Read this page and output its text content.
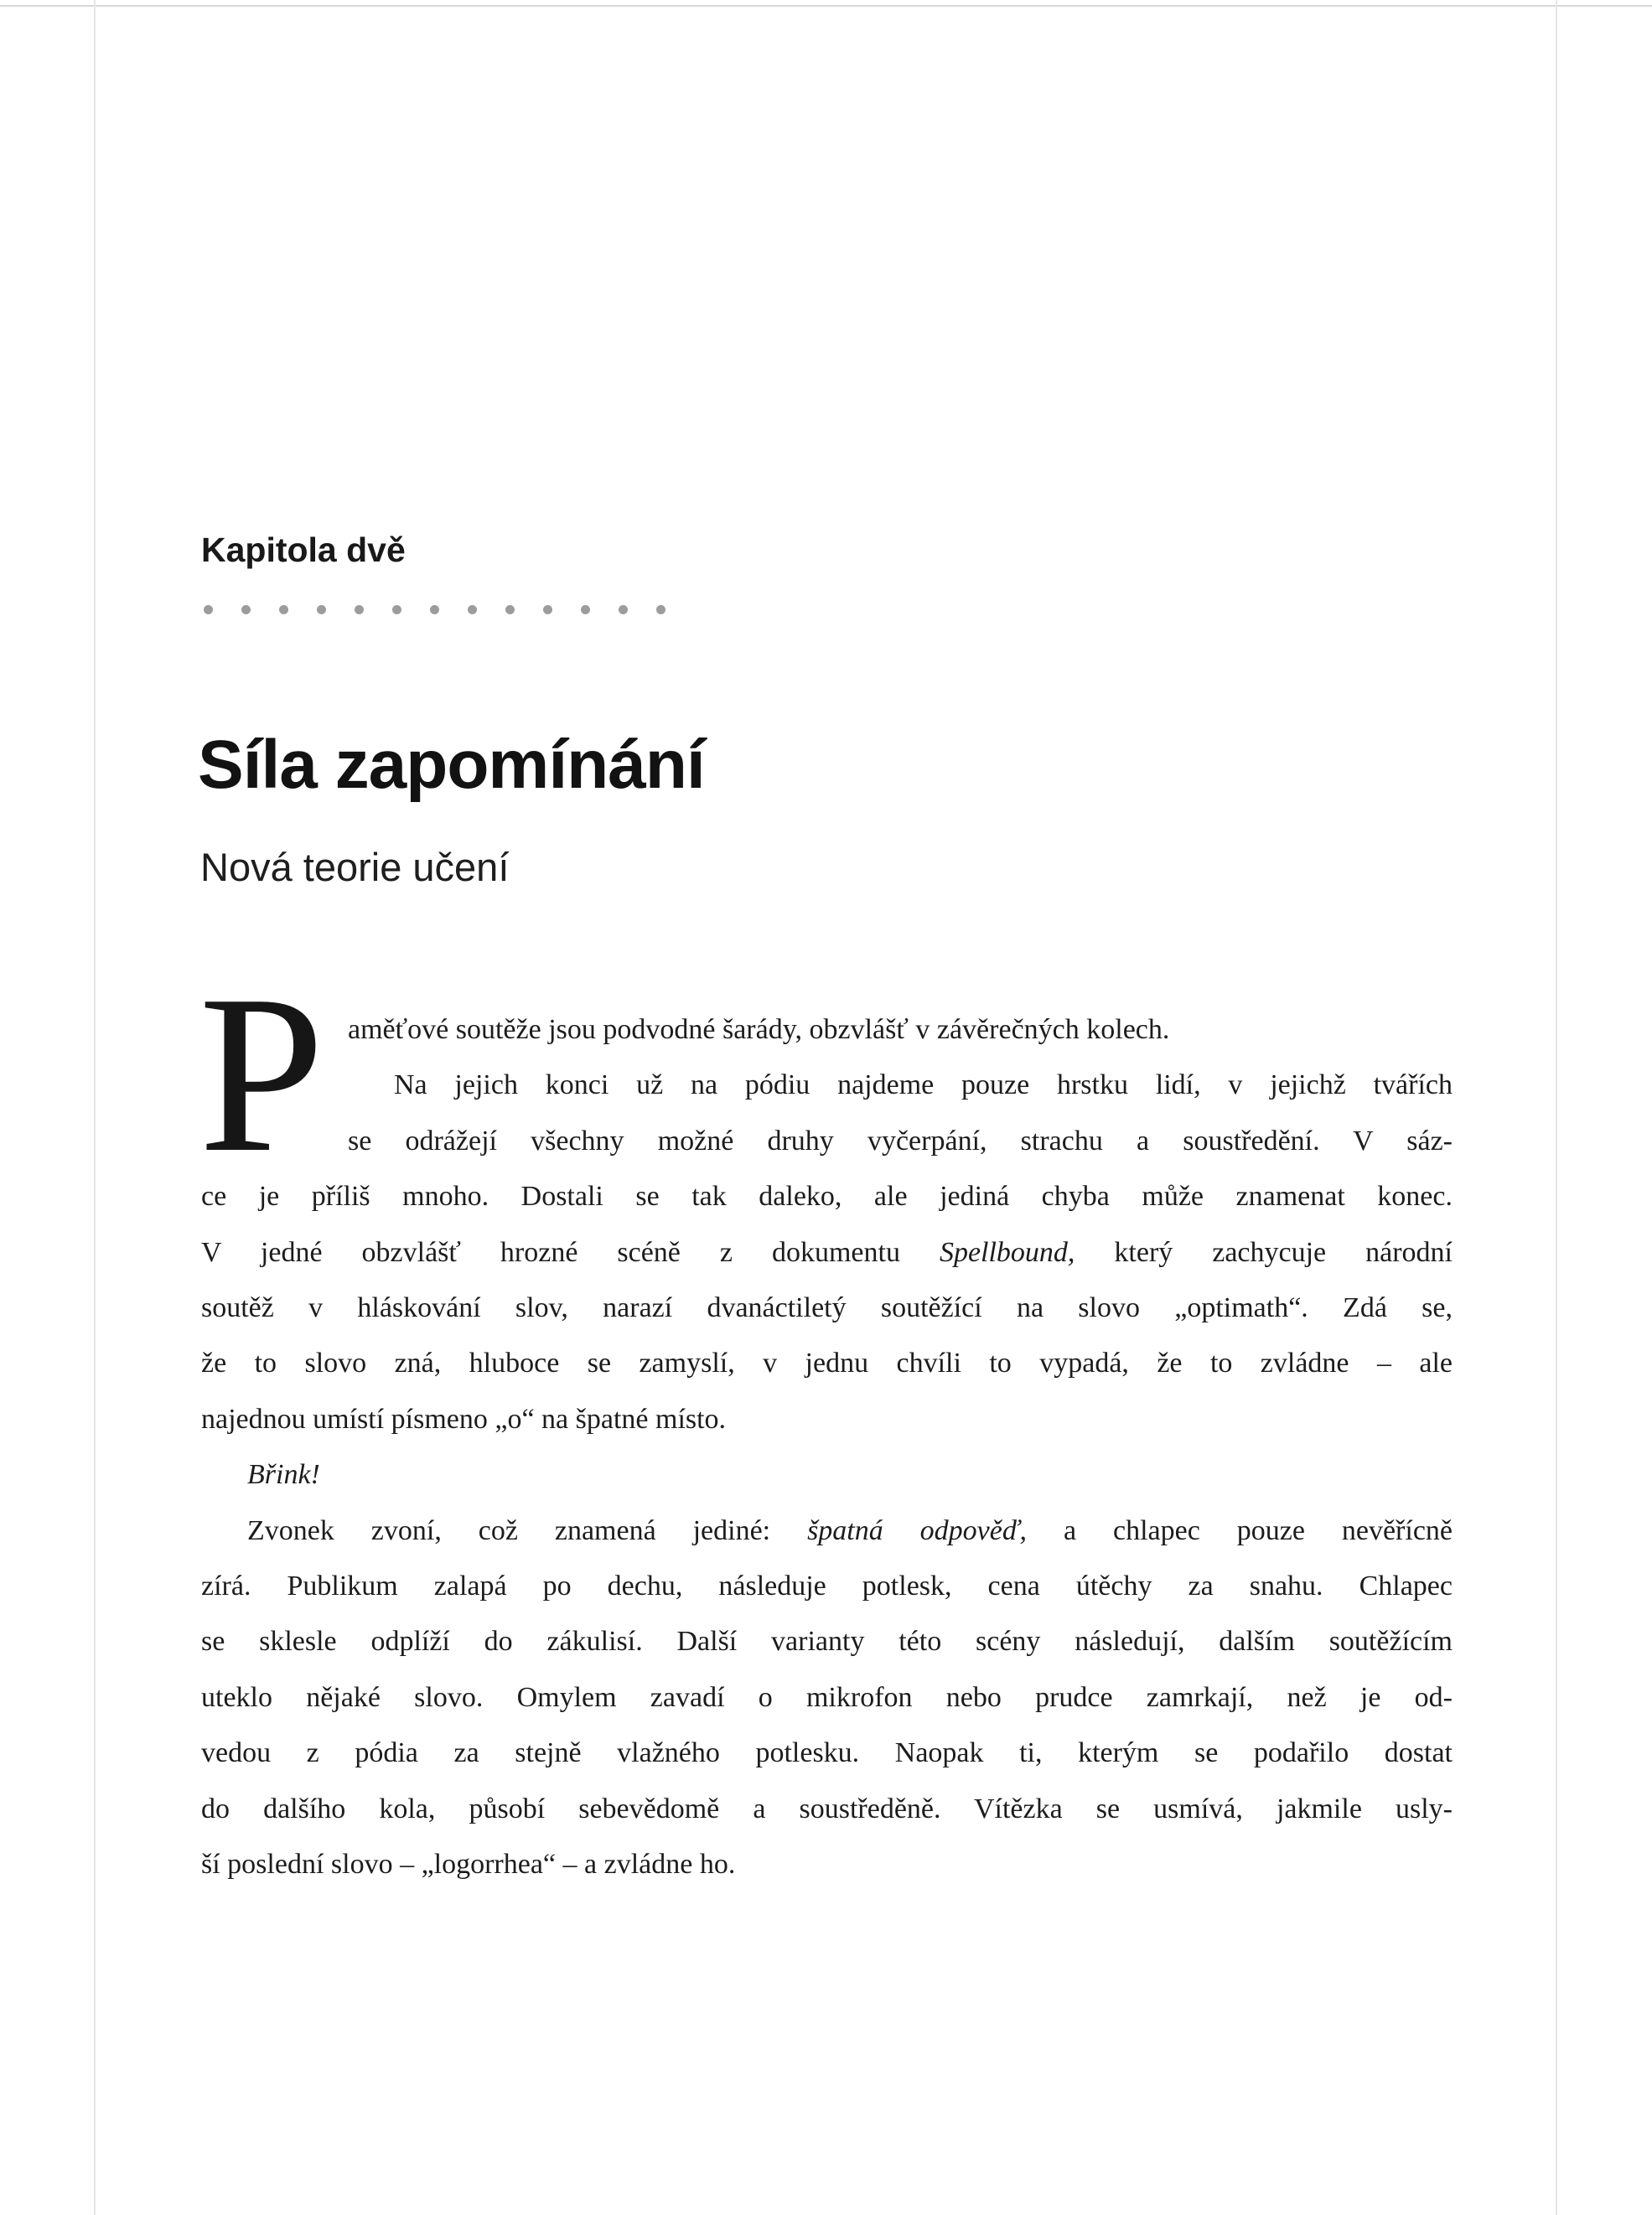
Kapitola dvě
Síla zapomínání
Nová teorie učení
P aměťové soutěže jsou podvodné šarády, obzvlášť v závěrečných kolech.
Na jejich konci už na pódiu najdeme pouze hrstku lidí, v jejichž tvářích
se odrážejí všechny možné druhy vyčerpání, strachu a soustředění. V sáz-
ce je příliš mnoho. Dostali se tak daleko, ale jediná chyba může znamenat konec.
V jedné obzvlášť hrozné scéně z dokumentu Spellbound, který zachycuje národní
soutěž v hláskování slov, narazí dvanáctiletý soutěžící na slovo „optimath“. Zdá se,
že to slovo zná, hluboce se zamyslí, v jednu chvíli to vypadá, že to zvládne – ale
najednou umístí písmeno „o“ na špatné místo.
Břink!
Zvonek zvoní, což znamená jediné: špatná odpověď, a chlapec pouze nevěřícně
zírá. Publikum zalapá po dechu, následuje potlesk, cena útěchy za snahu. Chlapec
se sklesle odplíží do zákulisí. Další varianty této scény následují, dalším soutěžícím
uteklo nějaké slovo. Omylem zavadí o mikrofon nebo prudce zamrkají, než je od-
vedou z pódia za stejně vlažného potlesku. Naopak ti, kterým se podařilo dostat
do dalšího kola, působí sebevědomě a soustředěně. Vítězka se usmívá, jakmile usly-
ší poslední slovo – „logorrhea“ – a zvládne ho.
